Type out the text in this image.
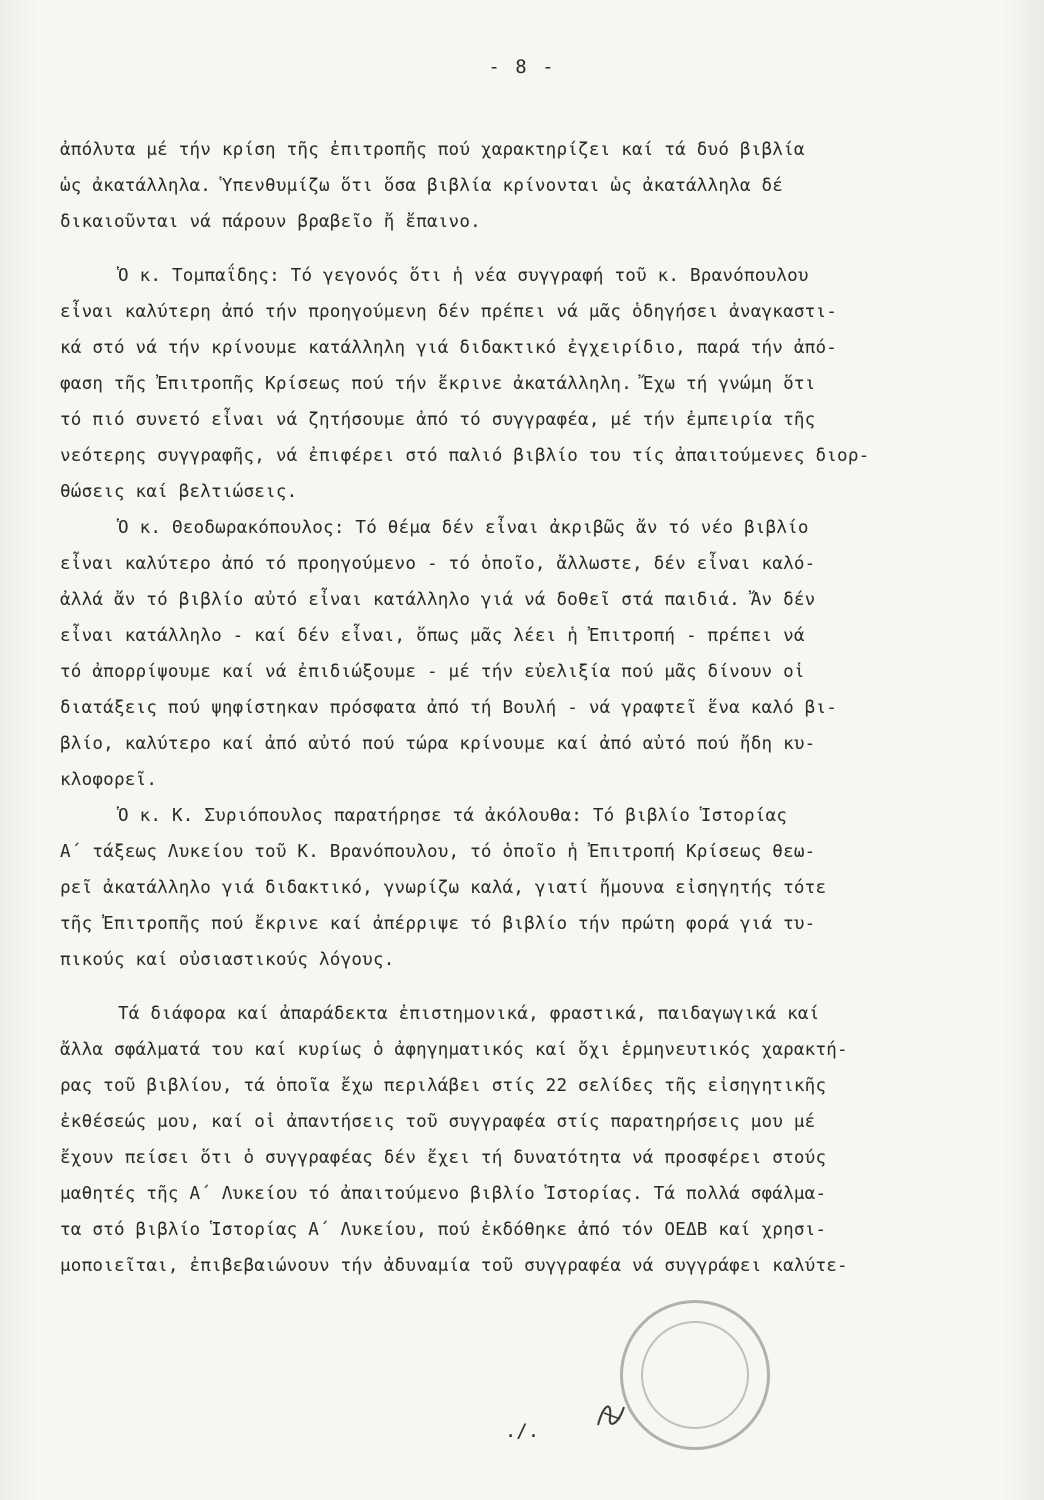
- 8 -
ἀπόλυτα μέ τήν κρίση τῆς ἐπιτροπῆς πού χαρακτηρίζει καί τά δυό βιβλία
ὡς ἀκατάλληλα. Ὑπενθυμίζω ὅτι ὅσα βιβλία κρίνονται ὡς ἀκατάλληλα δέ
δικαιοῦνται νά πάρουν βραβεῖο ἤ ἔπαινο.
Ὁ κ. Τομπαΐδης: Τό γεγονός ὅτι ἡ νέα συγγραφή τοῦ κ. Βρανόπουλου
εἶναι καλύτερη ἀπό τήν προηγούμενη δέν πρέπει νά μᾶς ὁδηγήσει ἀναγκαστι-
κά στό νά τήν κρίνουμε κατάλληλη γιά διδακτικό ἐγχειρίδιο, παρά τήν ἀπό-
φαση τῆς Ἐπιτροπῆς Κρίσεως πού τήν ἔκρινε ἀκατάλληλη. Ἔχω τή γνώμη ὅτι
τό πιό συνετό εἶναι νά ζητήσουμε ἀπό τό συγγραφέα, μέ τήν ἐμπειρία τῆς
νεότερης συγγραφῆς, νά ἐπιφέρει στό παλιό βιβλίο του τίς ἀπαιτούμενες διορ-
θώσεις καί βελτιώσεις.
Ὁ κ. Θεοδωρακόπουλος: Τό θέμα δέν εἶναι ἀκριβῶς ἄν τό νέο βιβλίο
εἶναι καλύτερο ἀπό τό προηγούμενο - τό ὁποῖο, ἄλλωστε, δέν εἶναι καλό-
ἀλλά ἄν τό βιβλίο αὐτό εἶναι κατάλληλο γιά νά δοθεῖ στά παιδιά. Ἄν δέν
εἶναι κατάλληλο - καί δέν εἶναι, ὅπως μᾶς λέει ἡ Ἐπιτροπή - πρέπει νά
τό ἀπορρίψουμε καί νά ἐπιδιώξουμε - μέ τήν εὐελιξία πού μᾶς δίνουν οἱ
διατάξεις πού ψηφίστηκαν πρόσφατα ἀπό τή Βουλή - νά γραφτεῖ ἕνα καλό βι-
βλίο, καλύτερο καί ἀπό αὐτό πού τώρα κρίνουμε καί ἀπό αὐτό πού ἤδη κυ-
κλοφορεῖ.
Ὁ κ. Κ. Συριόπουλος παρατήρησε τά ἀκόλουθα: Τό βιβλίο Ἱστορίας
Α΄ τάξεως Λυκείου τοῦ Κ. Βρανόπουλου, τό ὁποῖο ἡ Ἐπιτροπή Κρίσεως θεω-
ρεῖ ἀκατάλληλο γιά διδακτικό, γνωρίζω καλά, γιατί ἤμουνα εἰσηγητής τότε
τῆς Ἐπιτροπῆς πού ἔκρινε καί ἀπέρριψε τό βιβλίο τήν πρώτη φορά γιά τυ-
πικούς καί οὐσιαστικούς λόγους.
Τά διάφορα καί ἀπαράδεκτα ἐπιστημονικά, φραστικά, παιδαγωγικά καί
ἄλλα σφάλματά του καί κυρίως ὁ ἀφηγηματικός καί ὄχι ἑρμηνευτικός χαρακτή-
ρας τοῦ βιβλίου, τά ὁποῖα ἔχω περιλάβει στίς 22 σελίδες τῆς εἰσηγητικῆς
ἐκθέσεώς μου, καί οἱ ἀπαντήσεις τοῦ συγγραφέα στίς παρατηρήσεις μου μέ
ἔχουν πείσει ὅτι ὁ συγγραφέας δέν ἔχει τή δυνατότητα νά προσφέρει στούς
μαθητές τῆς Α΄ Λυκείου τό ἀπαιτούμενο βιβλίο Ἱστορίας. Τά πολλά σφάλμα-
τα στό βιβλίο Ἱστορίας Α΄ Λυκείου, πού ἐκδόθηκε ἀπό τόν ΟΕΔΒ καί χρησι-
μοποιεῖται, ἐπιβεβαιώνουν τήν ἀδυναμία τοῦ συγγραφέα νά συγγράφει καλύτε-
./.
